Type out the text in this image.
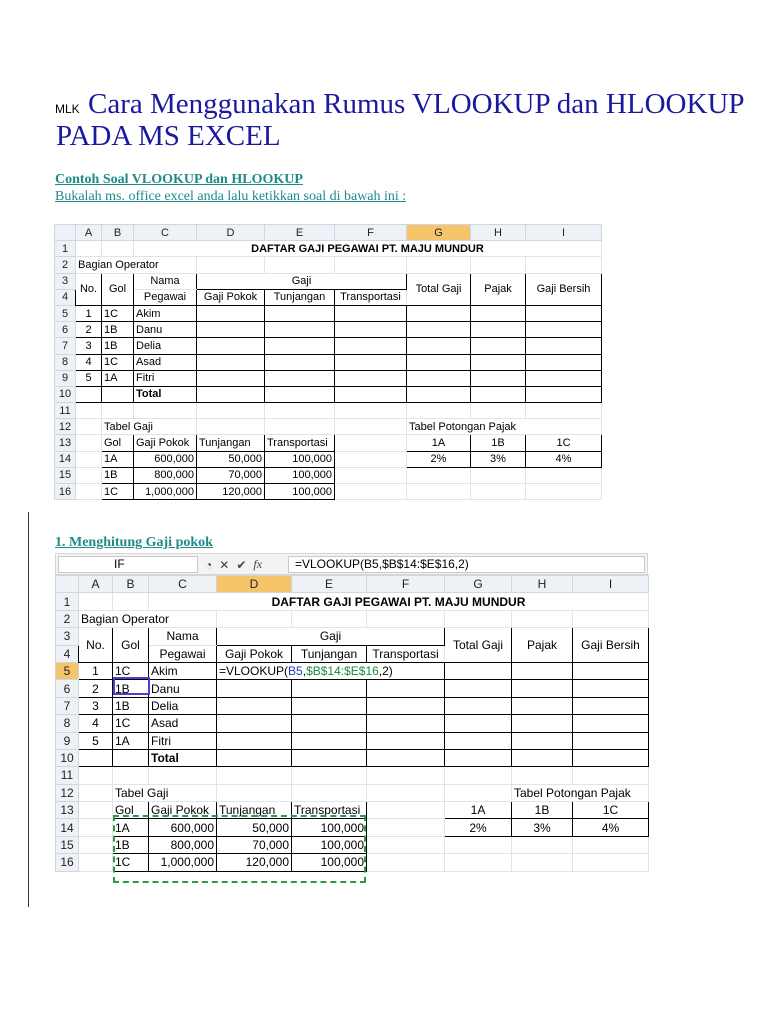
MLK Cara Menggunakan Rumus VLOOKUP dan HLOOKUP PADA MS EXCEL
Contoh Soal VLOOKUP dan HLOOKUP
Bukalah ms. office excel anda lalu ketikkan soal di bawah ini :
	A	B	C	D	E	F	G	H	I
1			DAFTAR GAJI PEGAWAI PT. MAJU MUNDUR						
2	Bagian Operator								
3	No.	Gol	Nama	Gaji			Total Gaji	Pajak	Gaji Bersih
4			Pegawai	Gaji Pokok	Tunjangan	Transportasi			
5	1	1C	Akim						
6	2	1B	Danu						
7	3	1B	Delia						
8	4	1C	Asad						
9	5	1A	Fitri						
10			Total						
11									
12		Tabel Gaji					Tabel Potongan Pajak		
13		Gol	Gaji Pokok	Tunjangan	Transportasi		1A	1B	1C
14		1A	600,000	50,000	100,000		2%	3%	4%
15		1B	800,000	70,000	100,000				
16		1C	1,000,000	120,000	100,000				
1. Menghitung Gaji pokok
IF	◔ ✕ ✔ fx	=VLOOKUP(B5,$B$14:$E$16,2)
	A	B	C	D	E	F	G	H	I
1			DAFTAR GAJI PEGAWAI PT. MAJU MUNDUR						
2	Bagian Operator								
3	No.	Gol	Nama	Gaji			Total Gaji	Pajak	Gaji Bersih
4			Pegawai	Gaji Pokok	Tunjangan	Transportasi			
5	1	1C	Akim	=VLOOKUP(B5,$B$14:$E$16,2)					
6	2	1B	Danu						
7	3	1B	Delia						
8	4	1C	Asad						
9	5	1A	Fitri						
10			Total						
11									
12		Tabel Gaji						Tabel Potongan Pajak	
13		Gol	Gaji Pokok	Tunjangan	Transportasi		1A	1B	1C
14		1A	600,000	50,000	100,000		2%	3%	4%
15		1B	800,000	70,000	100,000				
16		1C	1,000,000	120,000	100,000				
